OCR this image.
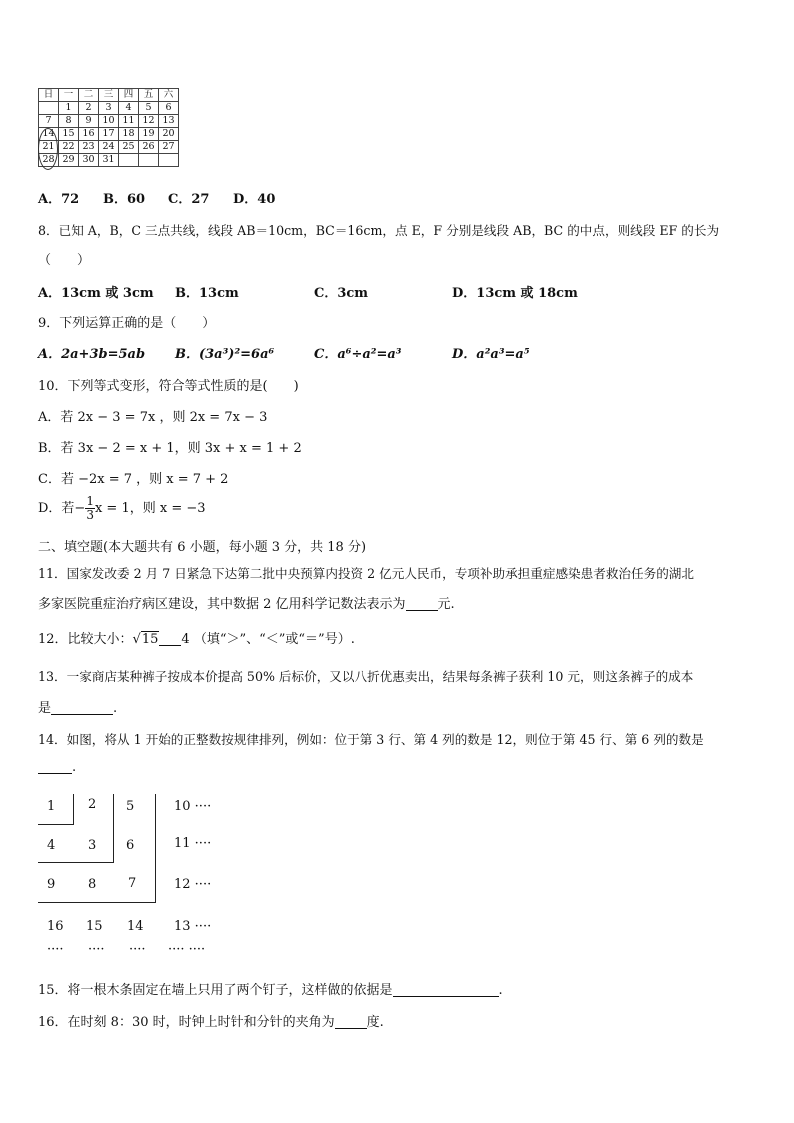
日	一	二	三	四	五	六
	1	2	3	4	5	6
7	8	9	10	11	12	13
14	15	16	17	18	19	20
21	22	23	24	25	26	27
28	29	30	31			
A．72 B．60 C．27 D．40
8．已知 A，B，C 三点共线，线段 AB＝10cm，BC＝16cm，点 E，F 分别是线段 AB，BC 的中点，则线段 EF 的长为
（　　）
A．13cm 或 3cm B．13cm	C．3cm	D．13cm 或 18cm
9．下列运算正确的是（　　）
A．2a+3b=5ab B．(3a³)²=6a⁶	C．a⁶÷a²=a³	D．a²a³=a⁵
10．下列等式变形，符合等式性质的是(　　)
A．若 2x − 3 = 7x ，则 2x = 7x − 3
B．若 3x − 2 = x + 1，则 3x + x = 1 + 2
C．若 −2x = 7 ，则 x = 7 + 2
D．若− $\frac{1}{3}$ x = 1，则 x = −3
二、填空题(本大题共有 6 小题，每小题 3 分，共 18 分)
11．国家发改委 2 月 7 日紧急下达第二批中央预算内投资 2 亿元人民币，专项补助承担重症感染患者救治任务的湖北
多家医院重症治疗病区建设，其中数据 2 亿用科学记数法表示为 元.
12．比较大小：√15 4 （填“＞”、“＜”或“＝”号）.
13．一家商店某种裤子按成本价提高 50% 后标价，又以八折优惠卖出，结果每条裤子获利 10 元，则这条裤子的成本
是	.
14．如图，将从 1 开始的正整数按规律排列，例如：位于第 3 行、第 4 列的数是 12，则位于第 45 行、第 6 列的数是
.
1	2 5	10 ····
4	3 6	11 ····
9	8 7	12 ····
16 15 14 13 ····
···· ···· ···· ···· ····
15．将一根木条固定在墙上只用了两个钉子，这样做的依据是	.
16．在时刻 8：30 时，时钟上时针和分针的夹角为 度.
